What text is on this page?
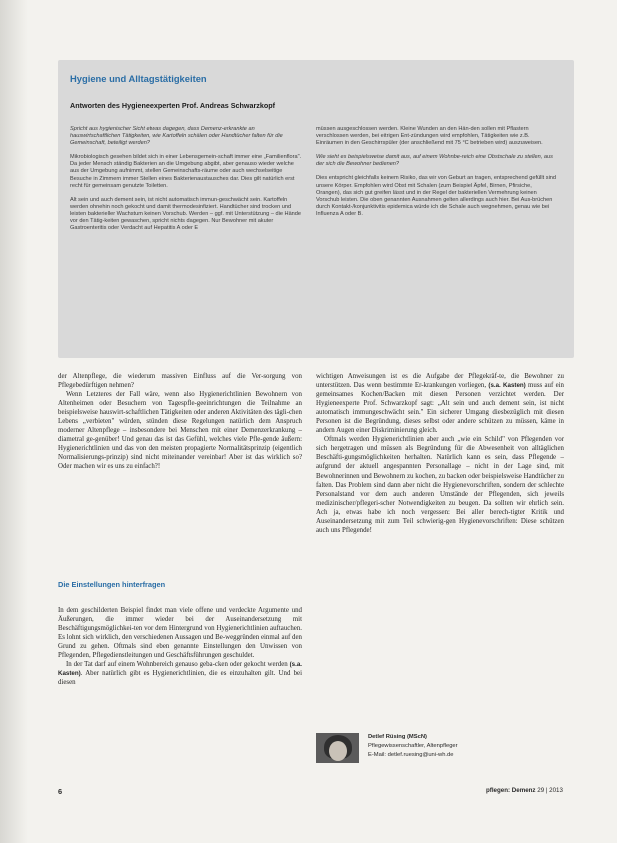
Hygiene und Alltagstätigkeiten
Antworten des Hygieneexperten Prof. Andreas Schwarzkopf

Spricht aus hygienischer Sicht etwas dagegen, dass Demenz-erkrankte an hauswirtschaftlichen Tätigkeiten, wie Kartoffeln schälen oder Handtücher falten für die Gemeinschaft, beteiligt werden?

Mikrobiologisch gesehen bildet sich in einer Lebensgemein-schaft immer eine „Familienflora". Da jeder Mensch ständig Bakterien an die Umgebung abgibt, aber genauso wieder welche aus der Umgebung aufnimmt, stellen Gemeinschafts-räume oder auch wechselseitige Besuche in Zimmern immer Stellen eines Bakterienaustausches dar. Dies gilt natürlich erst recht für gemeinsam genutzte Toiletten.

Alt sein und auch dement sein, ist nicht automatisch immun-geschwächt sein. Kartoffeln werden ohnehin noch gekocht und damit thermodesinfiziert. Handtücher sind trocken und leisten bakterieller Wachstum keinen Vorschub. Werden – ggf. mit Unterstützung – die Hände vor den Tätig-keiten gewaschen, spricht nichts dagegen. Nur Bewohner mit akuter Gastroenteritis oder Verdacht auf Hepatitis A oder E

müssen ausgeschlossen werden. Kleine Wunden an den Hän-den sollen mit Pflastern verschlossen werden, bei eitrigen Ent-zündungen wird empfohlen, Tätigkeiten wie z.B. Einräumen in den Geschirrspüler (der anschließend mit 75 °C betrieben wird) auszuweisen.

Wie sieht es beispielsweise damit aus, auf einem Wohnbe-reich eine Obstschale zu stellen, aus der sich die Bewohner bedienen?

Dies entspricht gleichfalls keinem Risiko, das wir von Geburt an tragen, entsprechend gefüllt sind unsere Körper. Empfohlen wird Obst mit Schalen (zum Beispiel Äpfel, Birnen, Pfirsiche, Orangen), das sich gut greifen lässt und in der Regel der bakteriellen Vermehrung keinen Vorschub leisten. Die oben genannten Ausnahmen gelten allerdings auch hier. Bei Aus-brüchen durch Kontakt-/konjunktivitis epidemica würde ich die Schale auch wegnehmen, genau wie bei Influenza A oder B.

der Altenpflege, die wiederum massiven Einfluss auf die Ver-sorgung von Pflegebedürftigen nehmen?

Wenn Letzteres der Fall wäre, wenn also Hygienerichtlinien Bewohnern von Altenheimen oder Besuchern von Tagespfle-geeinrichtungen die Teilnahme an beispielsweise hauswirt-schaftlichen Tätigkeiten oder anderen Aktivitäten des tägli-chen Lebens „verbieten" würden, stünden diese Regelungen natürlich dem Anspruch moderner Altenpflege – insbesondere bei Menschen mit einer Demenzerkrankung – diametral ge-genüber! Und genau das ist das Gefühl, welches viele Pfle-gende äußern: Hygienerichtlinien und das von den meisten propagierte Normalitätsprinzip (eigentlich Normalisierungs-prinzip) sind nicht miteinander vereinbar! Aber ist das wirklich so? Oder machen wir es uns zu einfach?!

Die Einstellungen hinterfragen

In dem geschilderten Beispiel findet man viele offene und verdeckte Argumente und Äußerungen, die immer wieder bei der Auseinandersetzung mit Beschäftigungsmöglichkei-ten vor dem Hintergrund von Hygienerichtlinien auftauchen. Es lohnt sich wirklich, den verschiedenen Aussagen und Be-weggründen einmal auf den Grund zu gehen. Oftmals sind eben genannte Einstellungen den Unwissen von Pflegenden, Pflegedienstleitungen und Geschäftsführungen geschuldet.

In der Tat darf auf einem Wohnbereich genauso geba-cken oder gekocht werden (s.a. Kasten). Aber natürlich gibt es Hygienerichtlinien, die es einzuhalten gilt. Und bei diesen

wichtigen Anweisungen ist es die Aufgabe der Pflegekräf-te, die Bewohner zu unterstützen. Das wenn bestimmte Er-krankungen vorliegen, (s.a. Kasten) muss auf ein gemeinsames Kochen/Backen mit diesen Personen verzichtet werden. Der Hygieneexperte Prof. Schwarzkopf sagt: „Alt sein und auch dement sein, ist nicht automatisch immungeschwächt sein." Ein sicherer Umgang diesbezüglich mit diesen Personen ist die Begründung, dieses selbst oder andere schützen zu müssen, käme in andern Augen einer Diskriminierung gleich.

Oftmals werden Hygienerichtlinien aber auch „wie ein Schild" von Pflegenden vor sich hergetragen und müssen als Begründung für die Abwesenheit von alltäglichen Beschäfti-gungsmöglichkeiten herhalten. Natürlich kann es sein, dass Pflegende – aufgrund der aktuell angespannten Personallage – nicht in der Lage sind, mit Bewohnerinnen und Bewohnern zu kochen, zu backen oder beispielsweise Handtücher zu falten. Das Problem sind dann aber nicht die Hygienevorschriften, sondern der schlechte Personalstand vor dem auch anderen Umstände der Pflegenden, sich jeweils medizinischer/pflegeri-scher Notwendigkeiten zu beugen. Da sollten wir ehrlich sein. Ach ja, etwas habe ich noch vergessen: Bei aller berech-tigter Kritik und Auseinandersetzung mit zum Teil schwierig-gen Hygienevorschriften: Diese schützen auch uns Pflegende!

Detlef Rüsing (MScN)
Pflegewissenschaftler, Altenpfleger
E-Mail: detlef.ruesing@uni-wh.de
6	pflegen: Demenz 29 | 2013
